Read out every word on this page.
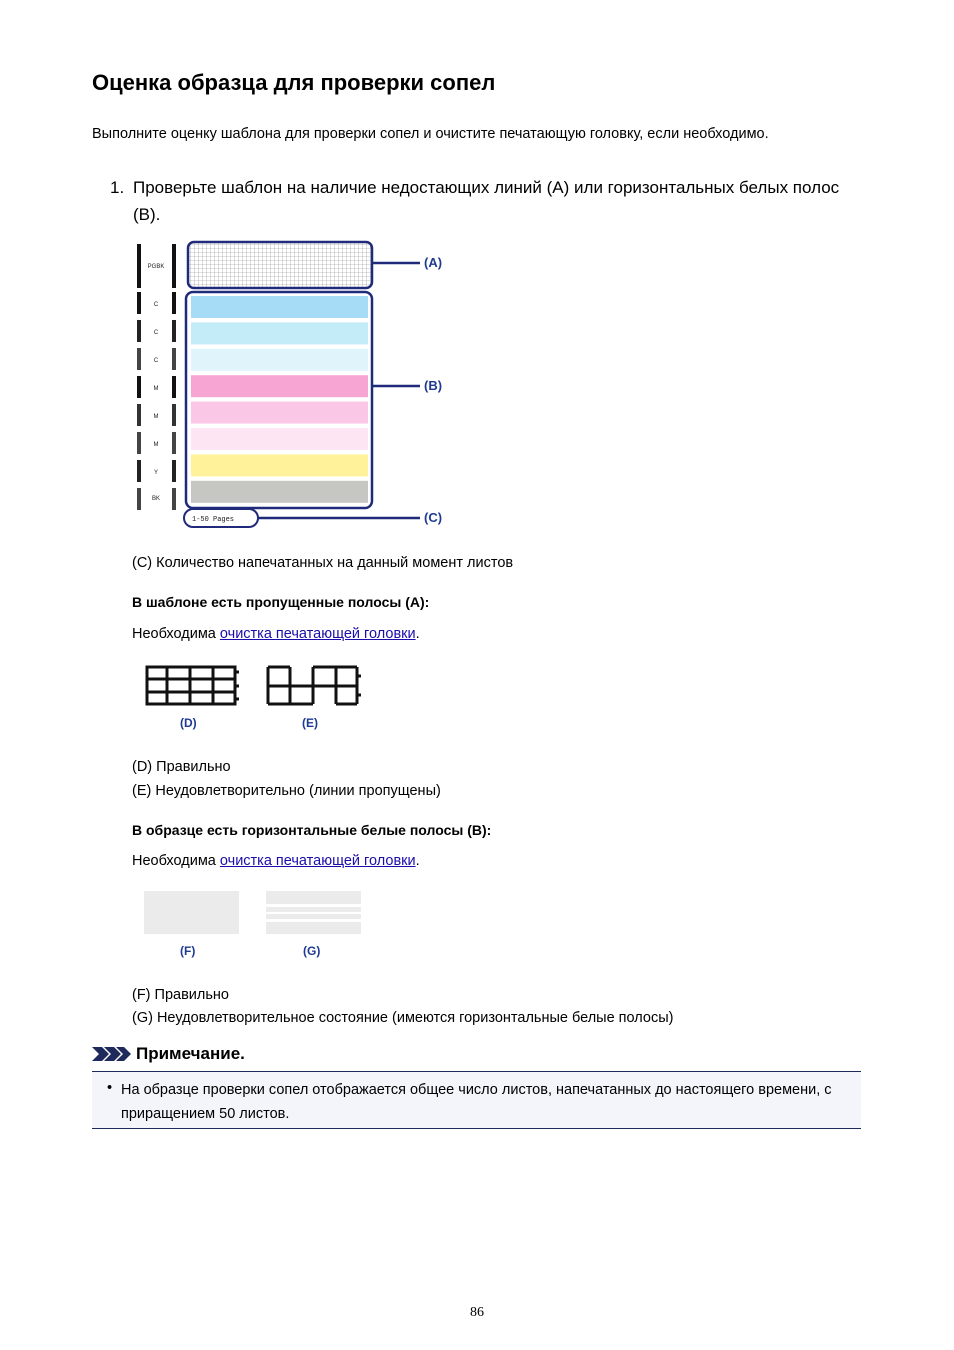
Оценка образца для проверки сопел
Выполните оценку шаблона для проверки сопел и очистите печатающую головку, если необходимо.
1. Проверьте шаблон на наличие недостающих линий (A) или горизонтальных белых полос (B).
PGBK
C
C
C
M
M
M
Y
BK
1-50 Pages
(A)
(B)
(C)
(C) Количество напечатанных на данный момент листов
В шаблоне есть пропущенные полосы (A):
Необходима очистка печатающей головки.
(D)	(E)
(D) Правильно
(E) Неудовлетворительно (линии пропущены)
В образце есть горизонтальные белые полосы (B):
Необходима очистка печатающей головки.
(F)	(G)
(F) Правильно
(G) Неудовлетворительное состояние (имеются горизонтальные белые полосы)
Примечание.
• На образце проверки сопел отображается общее число листов, напечатанных до настоящего времени, с приращением 50 листов.
86
